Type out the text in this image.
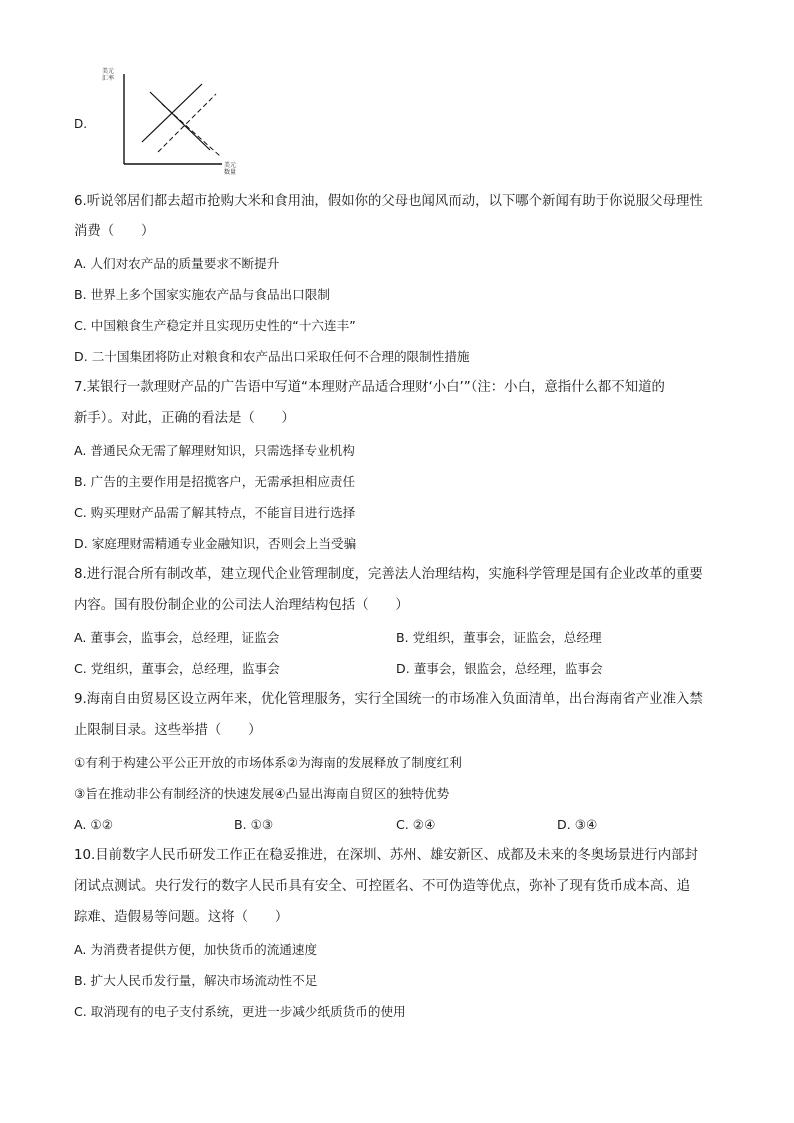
美元
汇率
美元
数量
D.
6.听说邻居们都去超市抢购大米和食用油，假如你的父母也闻风而动，以下哪个新闻有助于你说服父母理性
消费（　　）
A. 人们对农产品的质量要求不断提升
B. 世界上多个国家实施农产品与食品出口限制
C. 中国粮食生产稳定并且实现历史性的“十六连丰”
D. 二十国集团将防止对粮食和农产品出口采取任何不合理的限制性措施
7.某银行一款理财产品的广告语中写道“本理财产品适合理财‘小白’”（注：小白，意指什么都不知道的
新手）。对此，正确的看法是（　　）
A. 普通民众无需了解理财知识，只需选择专业机构
B. 广告的主要作用是招揽客户，无需承担相应责任
C. 购买理财产品需了解其特点，不能盲目进行选择
D. 家庭理财需精通专业金融知识，否则会上当受骗
8.进行混合所有制改革，建立现代企业管理制度，完善法人治理结构，实施科学管理是国有企业改革的重要
内容。国有股份制企业的公司法人治理结构包括（　　）
A. 董事会，监事会，总经理，证监会	B. 党组织，董事会，证监会，总经理
C. 党组织，董事会，总经理，监事会	D. 董事会，银监会，总经理，监事会
9.海南自由贸易区设立两年来，优化管理服务，实行全国统一的市场准入负面清单，出台海南省产业准入禁
止限制目录。这些举措（　　）
①有利于构建公平公正开放的市场体系②为海南的发展释放了制度红利
③旨在推动非公有制经济的快速发展④凸显出海南自贸区的独特优势
A. ①②	B. ①③	C. ②④	D. ③④
10.目前数字人民币研发工作正在稳妥推进，在深圳、苏州、雄安新区、成都及未来的冬奥场景进行内部封
闭试点测试。央行发行的数字人民币具有安全、可控匿名、不可伪造等优点，弥补了现有货币成本高、追
踪难、造假易等问题。这将（　　）
A. 为消费者提供方便，加快货币的流通速度
B. 扩大人民币发行量，解决市场流动性不足
C. 取消现有的电子支付系统，更进一步减少纸质货币的使用
